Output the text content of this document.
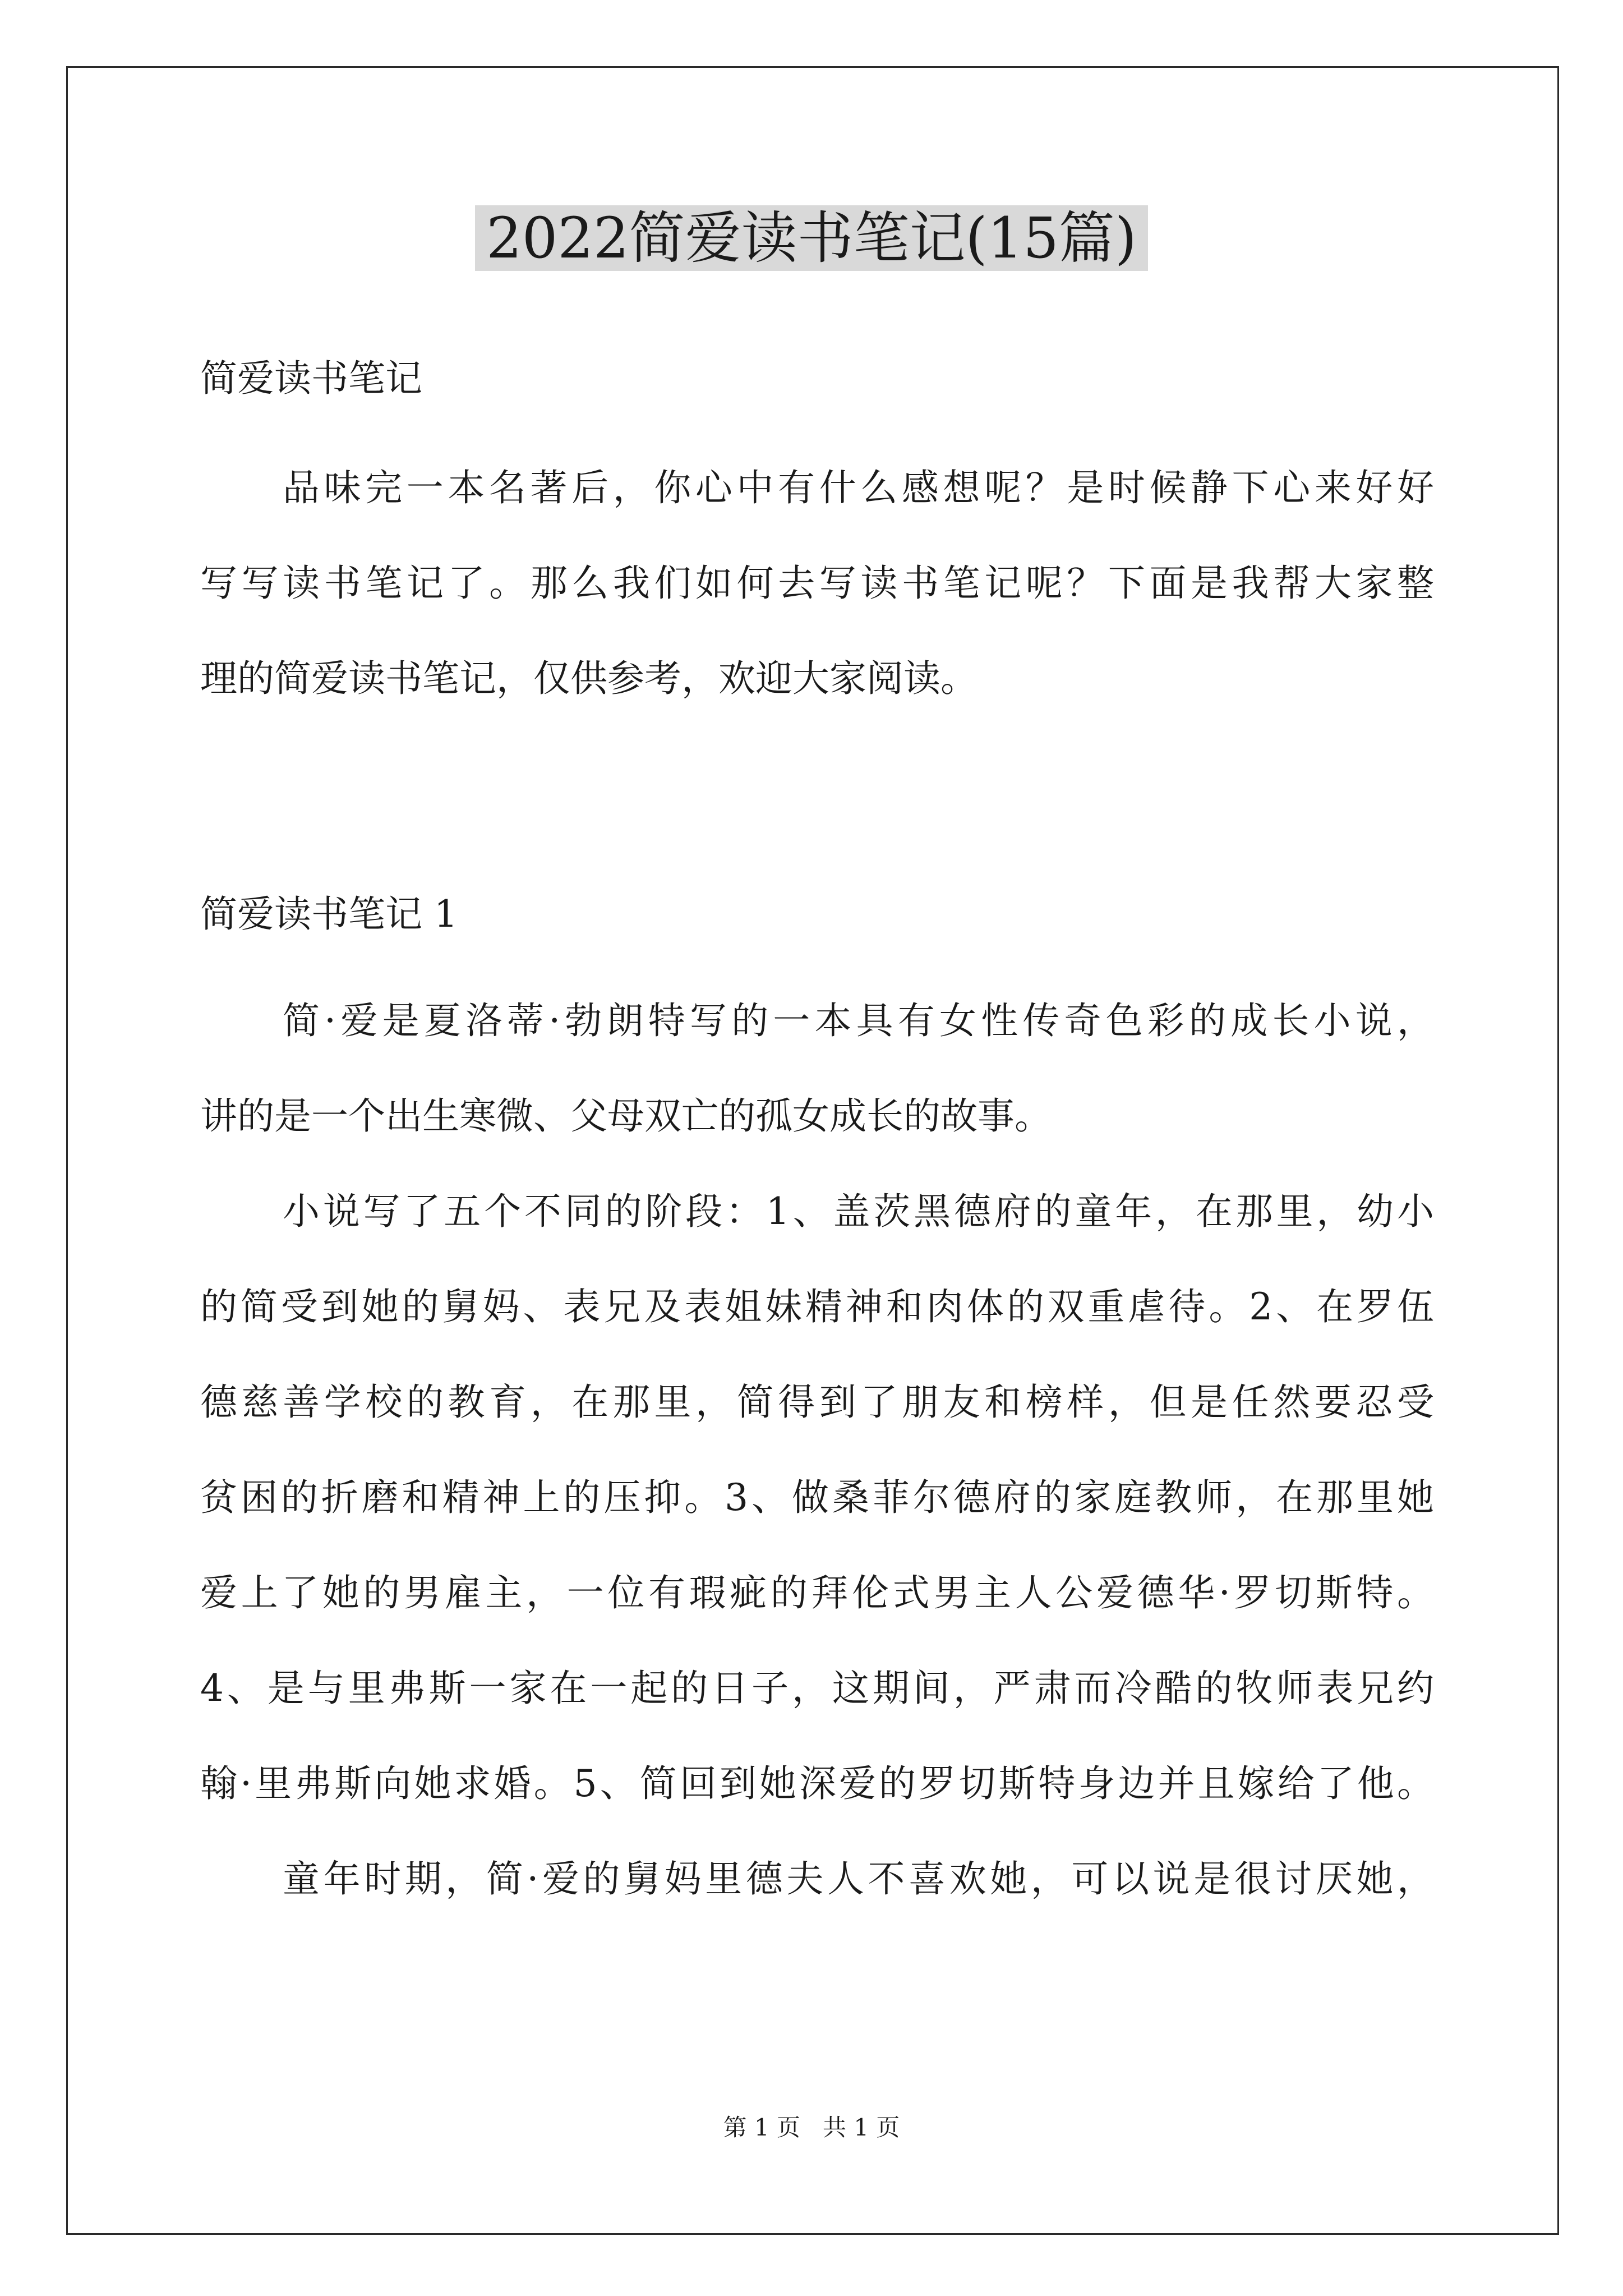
2022简爱读书笔记(15篇)

简爱读书笔记

品味完一本名著后，你心中有什么感想呢？是时候静下心来好好

写写读书笔记了。那么我们如何去写读书笔记呢？下面是我帮大家整

理的简爱读书笔记，仅供参考，欢迎大家阅读。

简爱读书笔记 1

简·爱是夏洛蒂·勃朗特写的一本具有女性传奇色彩的成长小说，

讲的是一个出生寒微、父母双亡的孤女成长的故事。

小说写了五个不同的阶段：1、盖茨黑德府的童年，在那里，幼小

的简受到她的舅妈、表兄及表姐妹精神和肉体的双重虐待。2、在罗伍

德慈善学校的教育，在那里，简得到了朋友和榜样，但是任然要忍受

贫困的折磨和精神上的压抑。3、做桑菲尔德府的家庭教师，在那里她

爱上了她的男雇主，一位有瑕疵的拜伦式男主人公爱德华·罗切斯特。

4、是与里弗斯一家在一起的日子，这期间，严肃而冷酷的牧师表兄约

翰·里弗斯向她求婚。5、简回到她深爱的罗切斯特身边并且嫁给了他。

童年时期，简·爱的舅妈里德夫人不喜欢她，可以说是很讨厌她，

第 1 页 共 1 页
